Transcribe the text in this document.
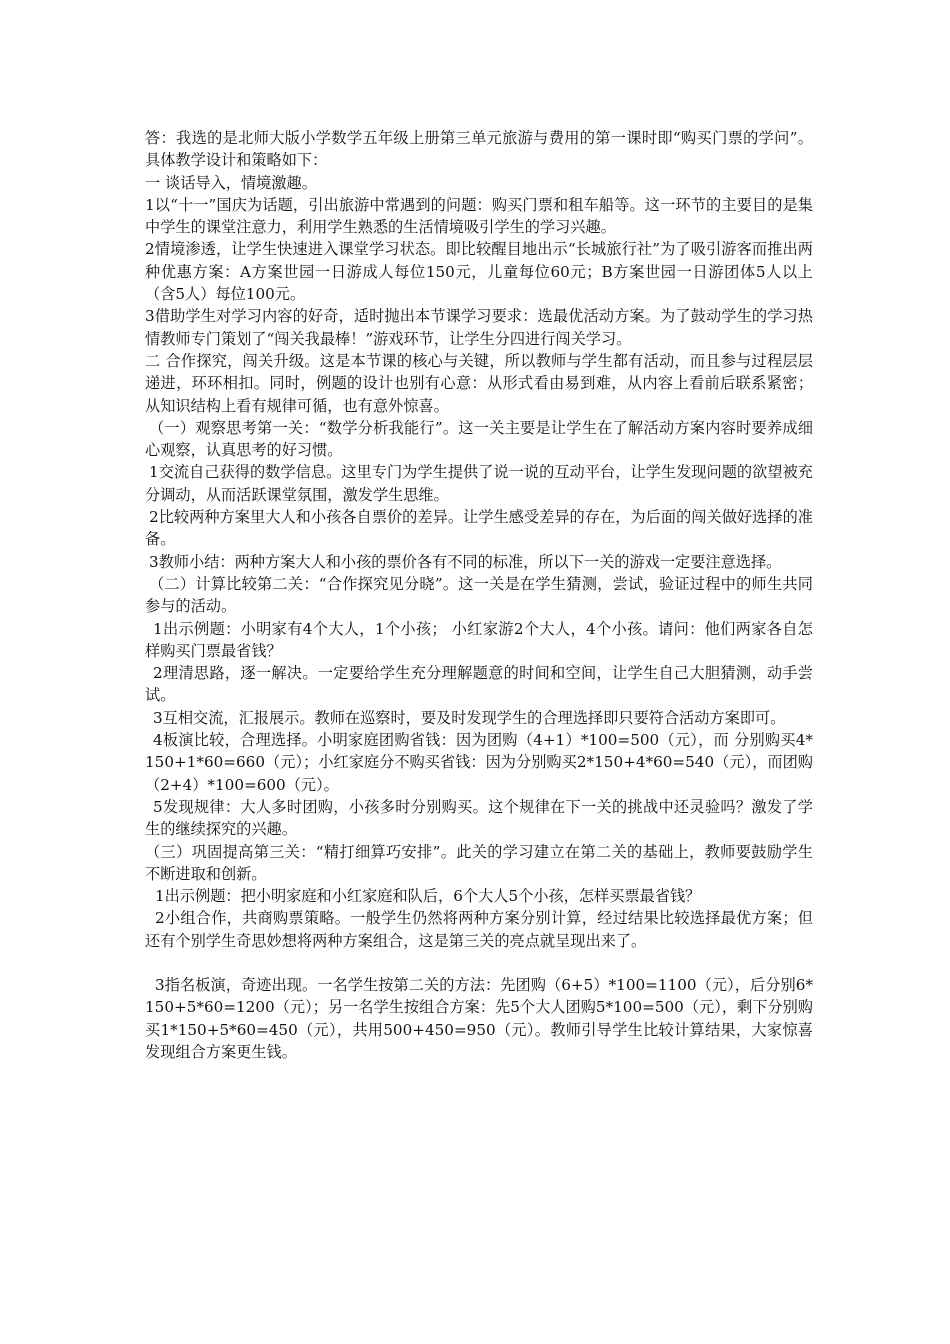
答：我选的是北师大版小学数学五年级上册第三单元旅游与费用的第一课时即“购买门票的学问”。具体教学设计和策略如下：

一 谈话导入，情境激趣。

1以“十一”国庆为话题，引出旅游中常遇到的问题：购买门票和租车船等。这一环节的主要目的是集中学生的课堂注意力，利用学生熟悉的生活情境吸引学生的学习兴趣。

2情境渗透，让学生快速进入课堂学习状态。即比较醒目地出示“长城旅行社”为了吸引游客而推出两种优惠方案：A方案世园一日游成人每位150元，儿童每位60元；B方案世园一日游团体5人以上（含5人）每位100元。

3借助学生对学习内容的好奇，适时抛出本节课学习要求：选最优活动方案。为了鼓动学生的学习热情教师专门策划了“闯关我最棒！”游戏环节，让学生分四进行闯关学习。

二 合作探究，闯关升级。这是本节课的核心与关键，所以教师与学生都有活动，而且参与过程层层递进，环环相扣。同时，例题的设计也别有心意：从形式看由易到难，从内容上看前后联系紧密；从知识结构上看有规律可循，也有意外惊喜。

（一）观察思考第一关：“数学分析我能行”。这一关主要是让学生在了解活动方案内容时要养成细心观察，认真思考的好习惯。

1交流自己获得的数学信息。这里专门为学生提供了说一说的互动平台，让学生发现问题的欲望被充分调动，从而活跃课堂氛围，激发学生思维。

2比较两种方案里大人和小孩各自票价的差异。让学生感受差异的存在，为后面的闯关做好选择的准备。

3教师小结：两种方案大人和小孩的票价各有不同的标准，所以下一关的游戏一定要注意选择。

（二）计算比较第二关：“合作探究见分晓”。这一关是在学生猜测，尝试，验证过程中的师生共同参与的活动。

1出示例题：小明家有4个大人，1个小孩； 小红家游2个大人，4个小孩。请问：他们两家各自怎样购买门票最省钱？

2理清思路，逐一解决。一定要给学生充分理解题意的时间和空间，让学生自己大胆猜测，动手尝试。

3互相交流，汇报展示。教师在巡察时，要及时发现学生的合理选择即只要符合活动方案即可。

4板演比较，合理选择。小明家庭团购省钱：因为团购（4+1）*100=500（元），而 分别购买4*150+1*60=660（元）；小红家庭分不购买省钱：因为分别购买2*150+4*60=540（元），而团购（2+4）*100=600（元）。

5发现规律：大人多时团购，小孩多时分别购买。这个规律在下一关的挑战中还灵验吗？激发了学生的继续探究的兴趣。

（三）巩固提高第三关：“精打细算巧安排”。此关的学习建立在第二关的基础上，教师要鼓励学生不断进取和创新。

1出示例题：把小明家庭和小红家庭和队后，6个大人5个小孩，怎样买票最省钱？

2小组合作，共商购票策略。一般学生仍然将两种方案分别计算，经过结果比较选择最优方案；但还有个别学生奇思妙想将两种方案组合，这是第三关的亮点就呈现出来了。

3指名板演，奇迹出现。一名学生按第二关的方法：先团购（6+5）*100=1100（元），后分别6*150+5*60=1200（元）；另一名学生按组合方案：先5个大人团购5*100=500（元），剩下分别购买1*150+5*60=450（元），共用500+450=950（元）。教师引导学生比较计算结果，大家惊喜发现组合方案更生钱。
